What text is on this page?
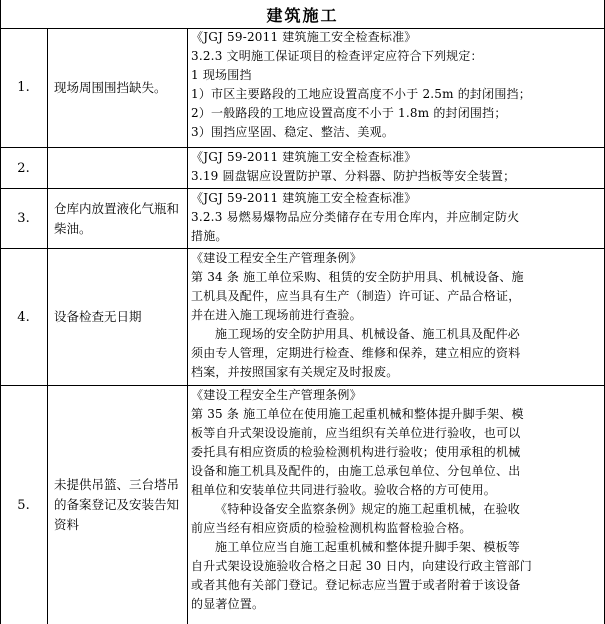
建筑施工
1.	现场周围围挡缺失。
《JGJ 59-2011 建筑施工安全检查标准》
3.2.3 文明施工保证项目的检查评定应符合下列规定：
1 现场围挡
1）市区主要路段的工地应设置高度不小于 2.5m 的封闭围挡；
2）一般路段的工地应设置高度不小于 1.8m 的封闭围挡；
3）围挡应坚固、稳定、整洁、美观。
2.
《JGJ 59-2011 建筑施工安全检查标准》
3.19 圆盘锯应设置防护罩、分料器、防护挡板等安全装置；
3.
仓库内放置液化气瓶和柴油。
《JGJ 59-2011 建筑施工安全检查标准》
3.2.3 易燃易爆物品应分类储存在专用仓库内，并应制定防火
措施。
4.	设备检查无日期
《建设工程安全生产管理条例》
第 34 条 施工单位采购、租赁的安全防护用具、机械设备、施
工机具及配件，应当具有生产（制造）许可证、产品合格证，
并在进入施工现场前进行查验。
施工现场的安全防护用具、机械设备、施工机具及配件必
须由专人管理，定期进行检查、维修和保养，建立相应的资料
档案，并按照国家有关规定及时报废。
5.
未提供吊篮、三台塔吊的备案登记及安装告知资料
《建设工程安全生产管理条例》
第 35 条 施工单位在使用施工起重机械和整体提升脚手架、模
板等自升式架设设施前，应当组织有关单位进行验收，也可以
委托具有相应资质的检验检测机构进行验收；使用承租的机械
设备和施工机具及配件的，由施工总承包单位、分包单位、出
租单位和安装单位共同进行验收。验收合格的方可使用。
《特种设备安全监察条例》规定的施工起重机械，在验收
前应当经有相应资质的检验检测机构监督检验合格。
施工单位应当自施工起重机械和整体提升脚手架、模板等
自升式架设设施验收合格之日起 30 日内，向建设行政主管部门
或者其他有关部门登记。登记标志应当置于或者附着于该设备
的显著位置。
